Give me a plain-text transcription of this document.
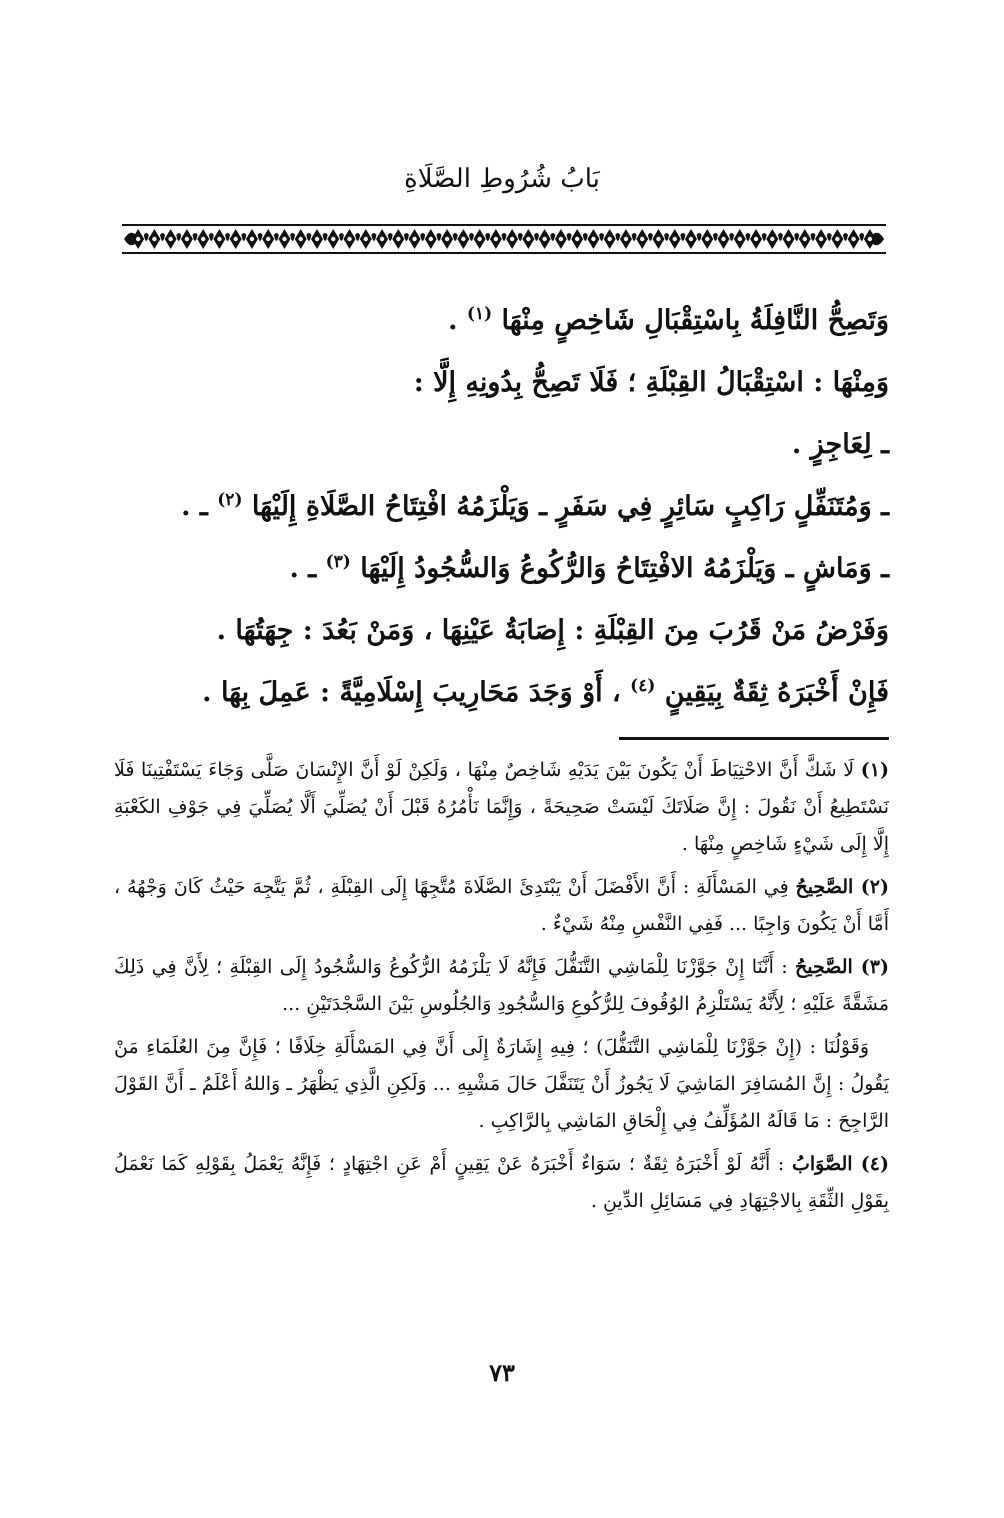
بَابُ شُرُوطِ الصَّلَاةِ
وَتَصِحُّ النَّافِلَةُ بِاسْتِقْبَالِ شَاخِصٍ مِنْهَا $^{(١)}$ .
وَمِنْهَا : اسْتِقْبَالُ القِبْلَةِ ؛ فَلَا تَصِحُّ بِدُونِهِ إِلَّا :
ـ لِعَاجِزٍ .
ـ وَمُتَنَفِّلٍ رَاكِبٍ سَائِرٍ فِي سَفَرٍ ـ وَيَلْزَمُهُ افْتِتَاحُ الصَّلَاةِ إِلَيْهَا $^{(٢)}$ ـ .
ـ وَمَاشٍ ـ وَيَلْزَمُهُ الافْتِتَاحُ وَالرُّكُوعُ وَالسُّجُودُ إِلَيْهَا $^{(٣)}$ ـ .
وَفَرْضُ مَنْ قَرُبَ مِنَ القِبْلَةِ : إِصَابَةُ عَيْنِهَا ، وَمَنْ بَعُدَ : جِهَتُهَا .
فَإِنْ أَخْبَرَهُ ثِقَةٌ بِيَقِينٍ $^{(٤)}$ ، أَوْ وَجَدَ مَحَارِيبَ إِسْلَامِيَّةً : عَمِلَ بِهَا .

(١) لَا شَكَّ أَنَّ الاحْتِيَاطَ أَنْ يَكُونَ بَيْنَ يَدَيْهِ شَاخِصٌ مِنْهَا ، وَلَكِنْ لَوْ أَنَّ الإِنْسَانَ صَلَّى وَجَاءَ يَسْتَفْتِينَا فَلَا نَسْتَطِيعُ أَنْ نَقُولَ : إِنَّ صَلَاتَكَ لَيْسَتْ صَحِيحَةً ، وَإِنَّمَا نَأْمُرُهُ قَبْلَ أَنْ يُصَلِّيَ أَلَّا يُصَلِّيَ فِي جَوْفِ الكَعْبَةِ إِلَّا إِلَى شَيْءٍ شَاخِصٍ مِنْهَا .

(٢) الصَّحِيحُ فِي المَسْأَلَةِ : أَنَّ الأَفْضَلَ أَنْ يَبْتَدِئَ الصَّلَاةَ مُتَّجِهًا إِلَى القِبْلَةِ ، ثُمَّ يَتَّجِهَ حَيْثُ كَانَ وَجْهُهُ ، أَمَّا أَنْ يَكُونَ وَاجِبًا ... فَفِي النَّفْسِ مِنْهُ شَيْءٌ .

(٣) الصَّحِيحُ : أَنَّنَا إِنْ جَوَّزْنَا لِلْمَاشِي التَّنَفُّلَ فَإِنَّهُ لَا يَلْزَمُهُ الرُّكُوعُ وَالسُّجُودُ إِلَى القِبْلَةِ ؛ لِأَنَّ فِي ذَلِكَ مَشَقَّةً عَلَيْهِ ؛ لِأَنَّهُ يَسْتَلْزِمُ الوُقُوفَ لِلرُّكُوعِ وَالسُّجُودِ وَالجُلُوسِ بَيْنَ السَّجْدَتَيْنِ ...

وَقَوْلُنَا : (إِنْ جَوَّزْنَا لِلْمَاشِي التَّنَفُّلَ) ؛ فِيهِ إِشَارَةٌ إِلَى أَنَّ فِي المَسْأَلَةِ خِلَافًا ؛ فَإِنَّ مِنَ العُلَمَاءِ مَنْ يَقُولُ : إِنَّ المُسَافِرَ المَاشِيَ لَا يَجُوزُ أَنْ يَتَنَفَّلَ حَالَ مَشْيِهِ ... وَلَكِنِ الَّذِي يَظْهَرُ ـ وَاللهُ أَعْلَمُ ـ أَنَّ القَوْلَ الرَّاجِحَ : مَا قَالَهُ المُؤَلِّفُ فِي إِلْحَاقِ المَاشِي بِالرَّاكِبِ .

(٤) الصَّوَابُ : أَنَّهُ لَوْ أَخْبَرَهُ ثِقَةٌ ؛ سَوَاءٌ أَخْبَرَهُ عَنْ يَقِينٍ أَمْ عَنِ اجْتِهَادٍ ؛ فَإِنَّهُ يَعْمَلُ بِقَوْلِهِ كَمَا نَعْمَلُ بِقَوْلِ الثِّقَةِ بِالاجْتِهَادِ فِي مَسَائِلِ الدِّينِ .

٧٣
